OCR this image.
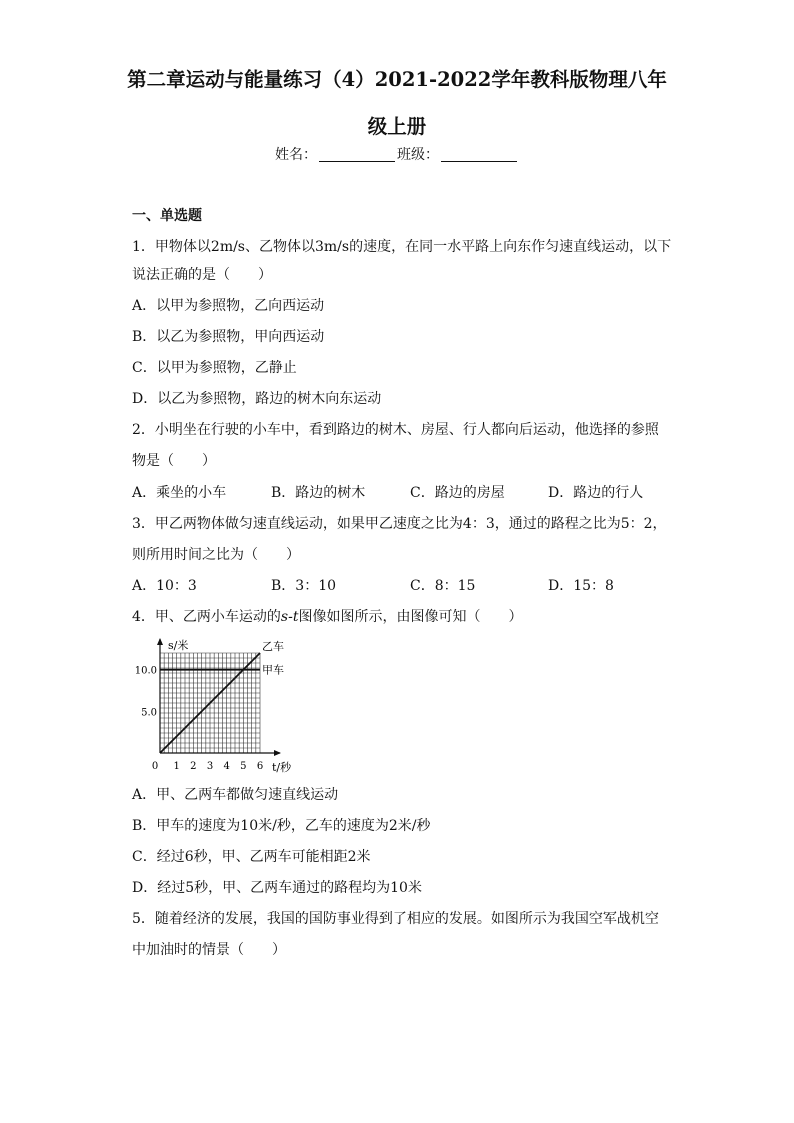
第二章运动与能量练习（4）2021-2022学年教科版物理八年
级上册
姓名：	班级：
一、单选题
1．甲物体以2m/s、乙物体以3m/s的速度，在同一水平路上向东作匀速直线运动，以下
说法正确的是（　　）
A．以甲为参照物，乙向西运动
B．以乙为参照物，甲向西运动
C．以甲为参照物，乙静止
D．以乙为参照物，路边的树木向东运动
2．小明坐在行驶的小车中，看到路边的树木、房屋、行人都向后运动，他选择的参照
物是（　　）
A．乘坐的小车	B．路边的树木	C．路边的房屋	D．路边的行人
3．甲乙两物体做匀速直线运动，如果甲乙速度之比为4：3，通过的路程之比为5：2，
则所用时间之比为（　　）
A．10：3	B．3：10	C．8：15	D．15：8
4．甲、乙两小车运动的s-t图像如图所示，由图像可知（　　）
s/米
t/秒
0 1 2 3 4 5 6
5.0
10.0
乙车
甲车
A．甲、乙两车都做匀速直线运动
B．甲车的速度为10米/秒，乙车的速度为2米/秒
C．经过6秒，甲、乙两车可能相距2米
D．经过5秒，甲、乙两车通过的路程均为10米
5．随着经济的发展，我国的国防事业得到了相应的发展。如图所示为我国空军战机空
中加油时的情景（　　）
